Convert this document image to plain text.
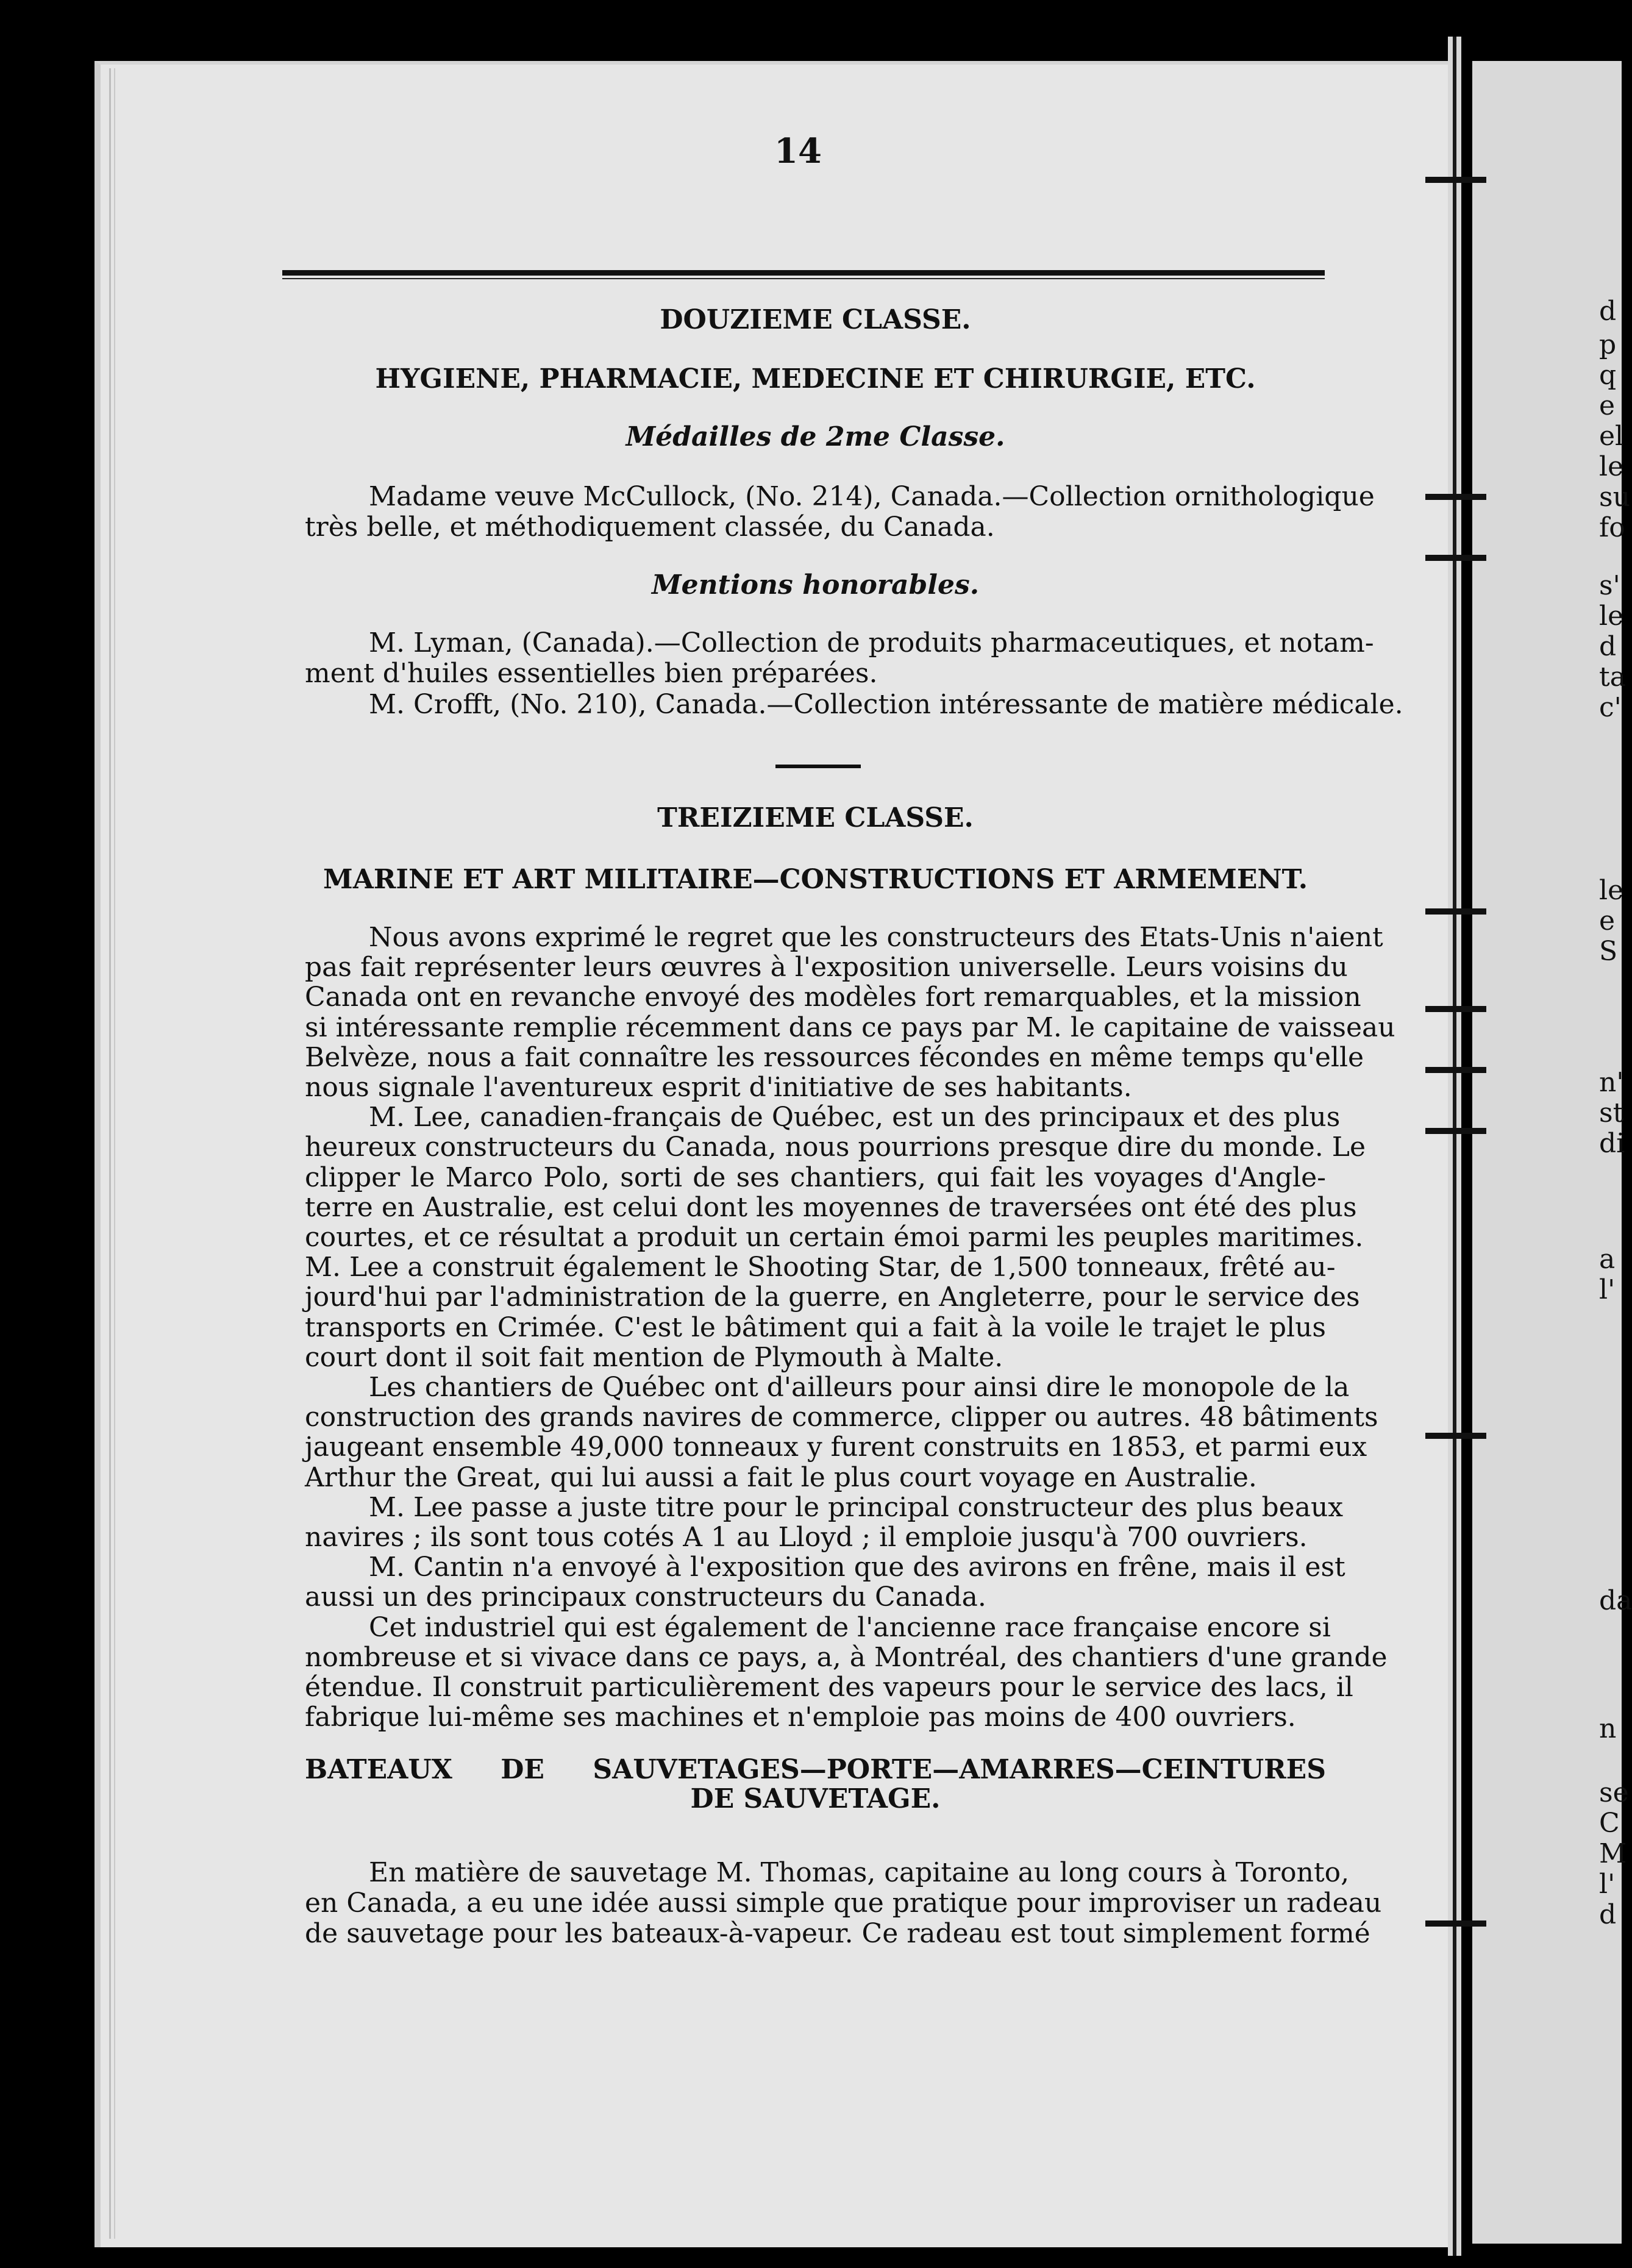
14
DOUZIEME CLASSE.
HYGIENE, PHARMACIE, MEDECINE ET CHIRURGIE, ETC.
Médailles de 2me Classe.
Madame veuve McCullock, (No. 214), Canada.—Collection ornithologique
très belle, et méthodiquement classée, du Canada.
Mentions honorables.
M. Lyman, (Canada).—Collection de produits pharmaceutiques, et notam-
ment d'huiles essentielles bien préparées.
M. Crofft, (No. 210), Canada.—Collection intéressante de matière médicale.
TREIZIEME CLASSE.
MARINE ET ART MILITAIRE—CONSTRUCTIONS ET ARMEMENT.
Nous avons exprimé le regret que les constructeurs des Etats-Unis n'aient
pas fait représenter leurs œuvres à l'exposition universelle. Leurs voisins du
Canada ont en revanche envoyé des modèles fort remarquables, et la mission
si intéressante remplie récemment dans ce pays par M. le capitaine de vaisseau
Belvèze, nous a fait connaître les ressources fécondes en même temps qu'elle
nous signale l'aventureux esprit d'initiative de ses habitants.
M. Lee, canadien-français de Québec, est un des principaux et des plus
heureux constructeurs du Canada, nous pourrions presque dire du monde. Le
clipper le Marco Polo, sorti de ses chantiers, qui fait les voyages d'Angle-
terre en Australie, est celui dont les moyennes de traversées ont été des plus
courtes, et ce résultat a produit un certain émoi parmi les peuples maritimes.
M. Lee a construit également le Shooting Star, de 1,500 tonneaux, frêté au-
jourd'hui par l'administration de la guerre, en Angleterre, pour le service des
transports en Crimée. C'est le bâtiment qui a fait à la voile le trajet le plus
court dont il soit fait mention de Plymouth à Malte.
Les chantiers de Québec ont d'ailleurs pour ainsi dire le monopole de la
construction des grands navires de commerce, clipper ou autres. 48 bâtiments
jaugeant ensemble 49,000 tonneaux y furent construits en 1853, et parmi eux
Arthur the Great, qui lui aussi a fait le plus court voyage en Australie.
M. Lee passe a juste titre pour le principal constructeur des plus beaux
navires ; ils sont tous cotés A 1 au Lloyd ; il emploie jusqu'à 700 ouvriers.
M. Cantin n'a envoyé à l'exposition que des avirons en frêne, mais il est
aussi un des principaux constructeurs du Canada.
Cet industriel qui est également de l'ancienne race française encore si
nombreuse et si vivace dans ce pays, a, à Montréal, des chantiers d'une grande
étendue. Il construit particulièrement des vapeurs pour le service des lacs, il
fabrique lui-même ses machines et n'emploie pas moins de 400 ouvriers.
BATEAUX DE SAUVETAGES—PORTE—AMARRES—CEINTURES
DE SAUVETAGE.
En matière de sauvetage M. Thomas, capitaine au long cours à Toronto,
en Canada, a eu une idée aussi simple que pratique pour improviser un radeau
de sauvetage pour les bateaux-à-vapeur. Ce radeau est tout simplement formé
d
p
q
e
el
le
su
fo
s'
le
d
ta
c'
le
e
S
n'
st
di
a
l'
da
n
se
C
M
l'
d
